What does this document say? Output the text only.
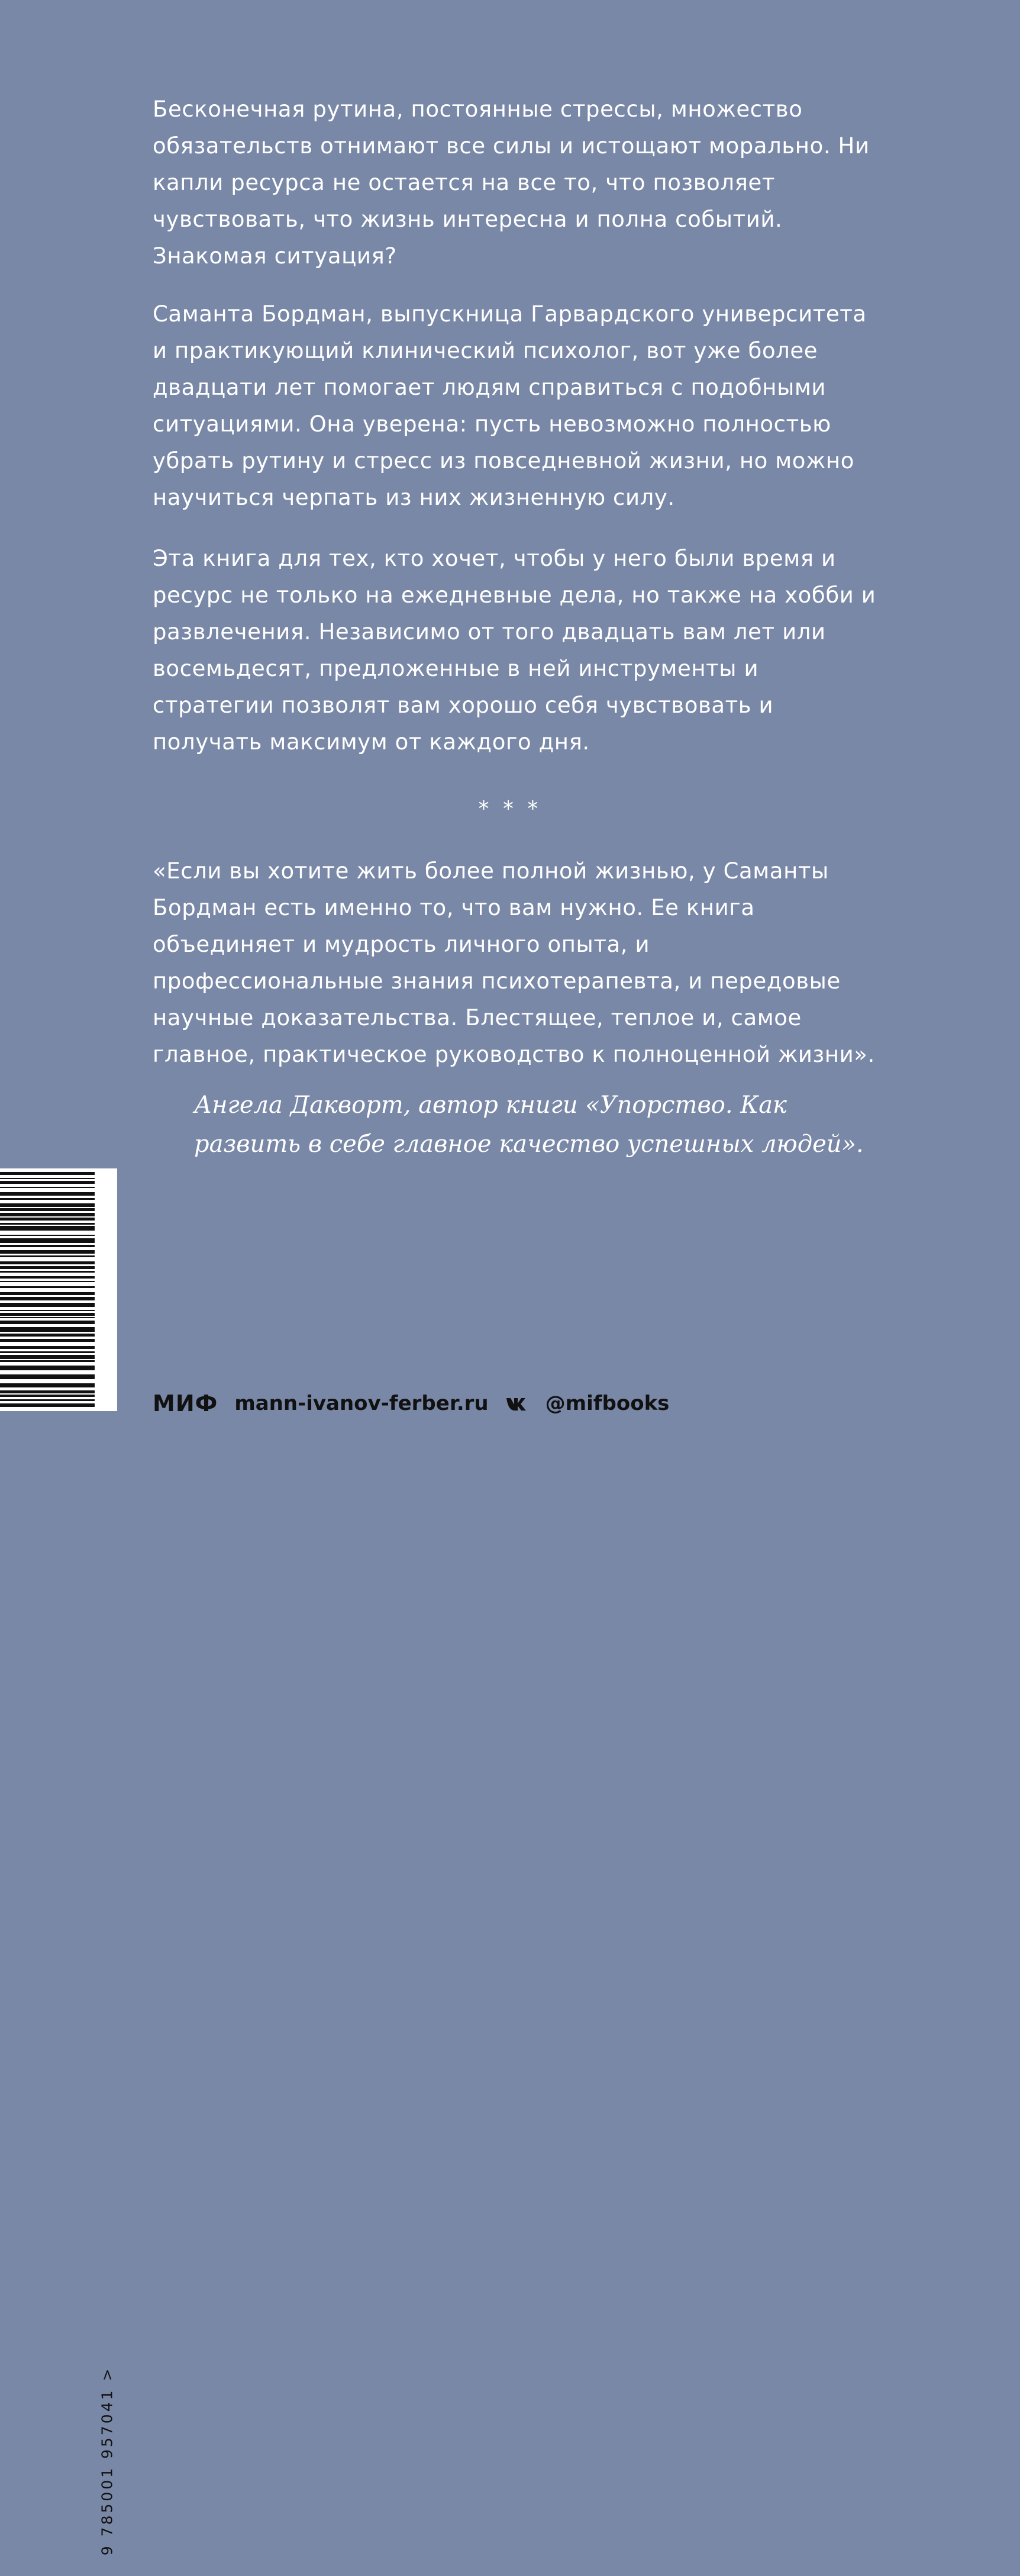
Бесконечная рутина, постоянные стрессы, множество обязательств отнимают все силы и истощают морально. Ни капли ресурса не остается на все то, что позволяет чувствовать, что жизнь интересна и полна событий. Знакомая ситуация?

Саманта Бордман, выпускница Гарвардского университета и практикующий клинический психолог, вот уже более двадцати лет помогает людям справиться с подобными ситуациями. Она уверена: пусть невозможно полностью убрать рутину и стресс из повседневной жизни, но можно научиться черпать из них жизненную силу.

Эта книга для тех, кто хочет, чтобы у него были время и ресурс не только на ежедневные дела, но также на хобби и развлечения. Независимо от того двадцать вам лет или восемьдесят, предложенные в ней инструменты и стратегии позволят вам хорошо себя чувствовать и получать максимум от каждого дня.

* * *

«Если вы хотите жить более полной жизнью, у Саманты Бордман есть именно то, что вам нужно. Ее книга объединяет и мудрость личного опыта, и профессиональные знания психотерапевта, и передовые научные доказательства. Блестящее, теплое и, самое главное, практическое руководство к полноценной жизни».

Ангела Дакворт, автор книги «Упорство. Как развить в себе главное качество успешных людей».

9 785001 957041 >
МИФ mann-ivanov-ferber.ru	@mifbooks
